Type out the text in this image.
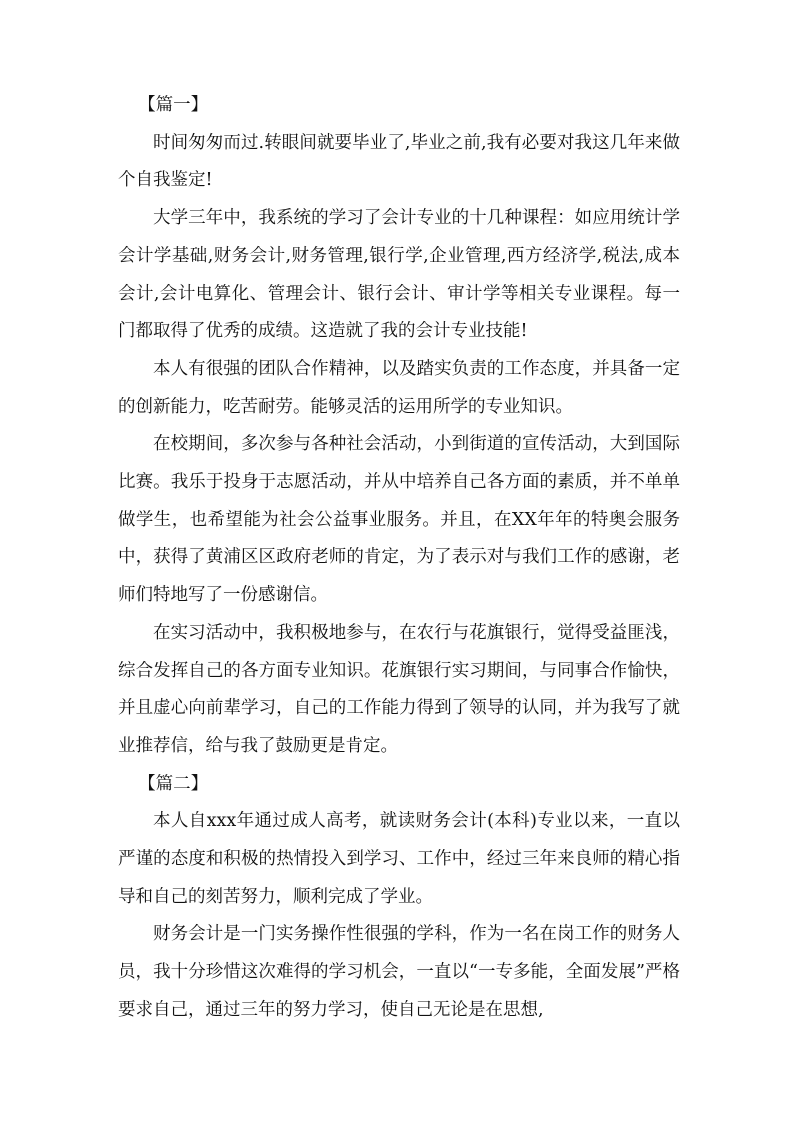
【篇一】

时间匆匆而过.转眼间就要毕业了,毕业之前,我有必要对我这几年来做个自我鉴定!

大学三年中，我系统的学习了会计专业的十几种课程：如应用统计学会计学基础,财务会计,财务管理,银行学,企业管理,西方经济学,税法,成本会计,会计电算化、管理会计、银行会计、审计学等相关专业课程。每一门都取得了优秀的成绩。这造就了我的会计专业技能!

本人有很强的团队合作精神，以及踏实负责的工作态度，并具备一定的创新能力，吃苦耐劳。能够灵活的运用所学的专业知识。

在校期间，多次参与各种社会活动，小到街道的宣传活动，大到国际比赛。我乐于投身于志愿活动，并从中培养自己各方面的素质，并不单单做学生，也希望能为社会公益事业服务。并且，在XX年年的特奥会服务中，获得了黄浦区区政府老师的肯定，为了表示对与我们工作的感谢，老师们特地写了一份感谢信。

在实习活动中，我积极地参与，在农行与花旗银行，觉得受益匪浅，综合发挥自己的各方面专业知识。花旗银行实习期间，与同事合作愉快，并且虚心向前辈学习，自己的工作能力得到了领导的认同，并为我写了就业推荐信，给与我了鼓励更是肯定。

【篇二】

本人自xxx年通过成人高考，就读财务会计(本科)专业以来，一直以严谨的态度和积极的热情投入到学习、工作中，经过三年来良师的精心指导和自己的刻苦努力，顺利完成了学业。

财务会计是一门实务操作性很强的学科，作为一名在岗工作的财务人员，我十分珍惜这次难得的学习机会，一直以“一专多能，全面发展”严格要求自己，通过三年的努力学习，使自己无论是在思想,
